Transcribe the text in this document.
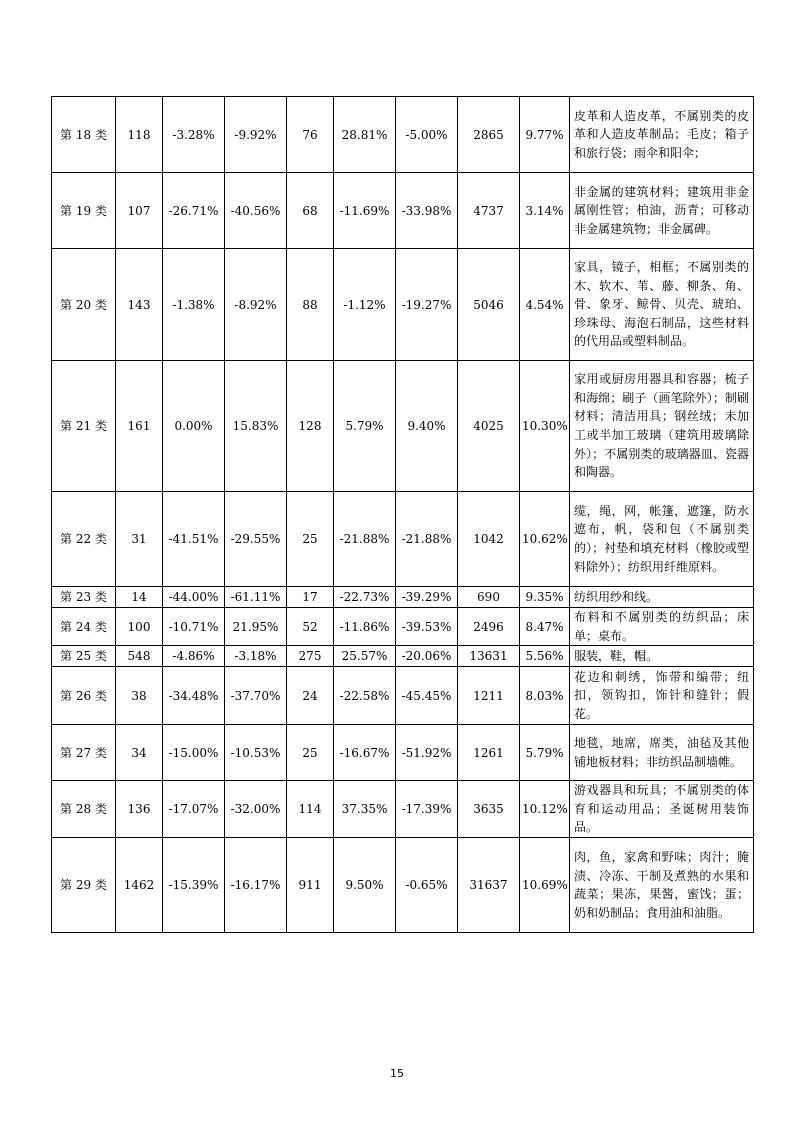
第 18 类	118	-3.28%	-9.92%	76	28.81%	-5.00%	2865	9.77%	皮革和人造皮革，不属别类的皮革和人造皮革制品；毛皮；箱子和旅行袋；雨伞和阳伞；
第 19 类	107	-26.71%	-40.56%	68	-11.69%	-33.98%	4737	3.14%	非金属的建筑材料；建筑用非金属刚性管；柏油，沥青；可移动非金属建筑物；非金属碑。
第 20 类	143	-1.38%	-8.92%	88	-1.12%	-19.27%	5046	4.54%	家具，镜子，相框；不属别类的木、软木、苇、藤、柳条、角、骨、象牙、鲸骨、贝壳、琥珀、珍珠母、海泡石制品，这些材料的代用品或塑料制品。
第 21 类	161	0.00%	15.83%	128	5.79%	9.40%	4025	10.30%	家用或厨房用器具和容器；梳子和海绵；刷子（画笔除外）；制刷材料；清洁用具；钢丝绒；未加工或半加工玻璃（建筑用玻璃除外）；不属别类的玻璃器皿、瓷器和陶器。
第 22 类	31	-41.51%	-29.55%	25	-21.88%	-21.88%	1042	10.62%	缆，绳，网，帐篷，遮篷，防水遮布，帆，袋和包（不属别类的）；衬垫和填充材料（橡胶或塑料除外）；纺织用纤维原料。
第 23 类	14	-44.00%	-61.11%	17	-22.73%	-39.29%	690	9.35%	纺织用纱和线。
第 24 类	100	-10.71%	21.95%	52	-11.86%	-39.53%	2496	8.47%	布料和不属别类的纺织品；床单；桌布。
第 25 类	548	-4.86%	-3.18%	275	25.57%	-20.06%	13631	5.56%	服装，鞋，帽。
第 26 类	38	-34.48%	-37.70%	24	-22.58%	-45.45%	1211	8.03%	花边和刺绣，饰带和编带；纽扣，领钩扣，饰针和缝针；假花。
第 27 类	34	-15.00%	-10.53%	25	-16.67%	-51.92%	1261	5.79%	地毯，地席，席类，油毡及其他铺地板材料；非纺织品制墙帷。
第 28 类	136	-17.07%	-32.00%	114	37.35%	-17.39%	3635	10.12%	游戏器具和玩具；不属别类的体育和运动用品；圣诞树用装饰品。
第 29 类	1462	-15.39%	-16.17%	911	9.50%	-0.65%	31637	10.69%	肉，鱼，家禽和野味；肉汁；腌渍、冷冻、干制及煮熟的水果和蔬菜；果冻，果酱，蜜饯；蛋；奶和奶制品；食用油和油脂。
15
